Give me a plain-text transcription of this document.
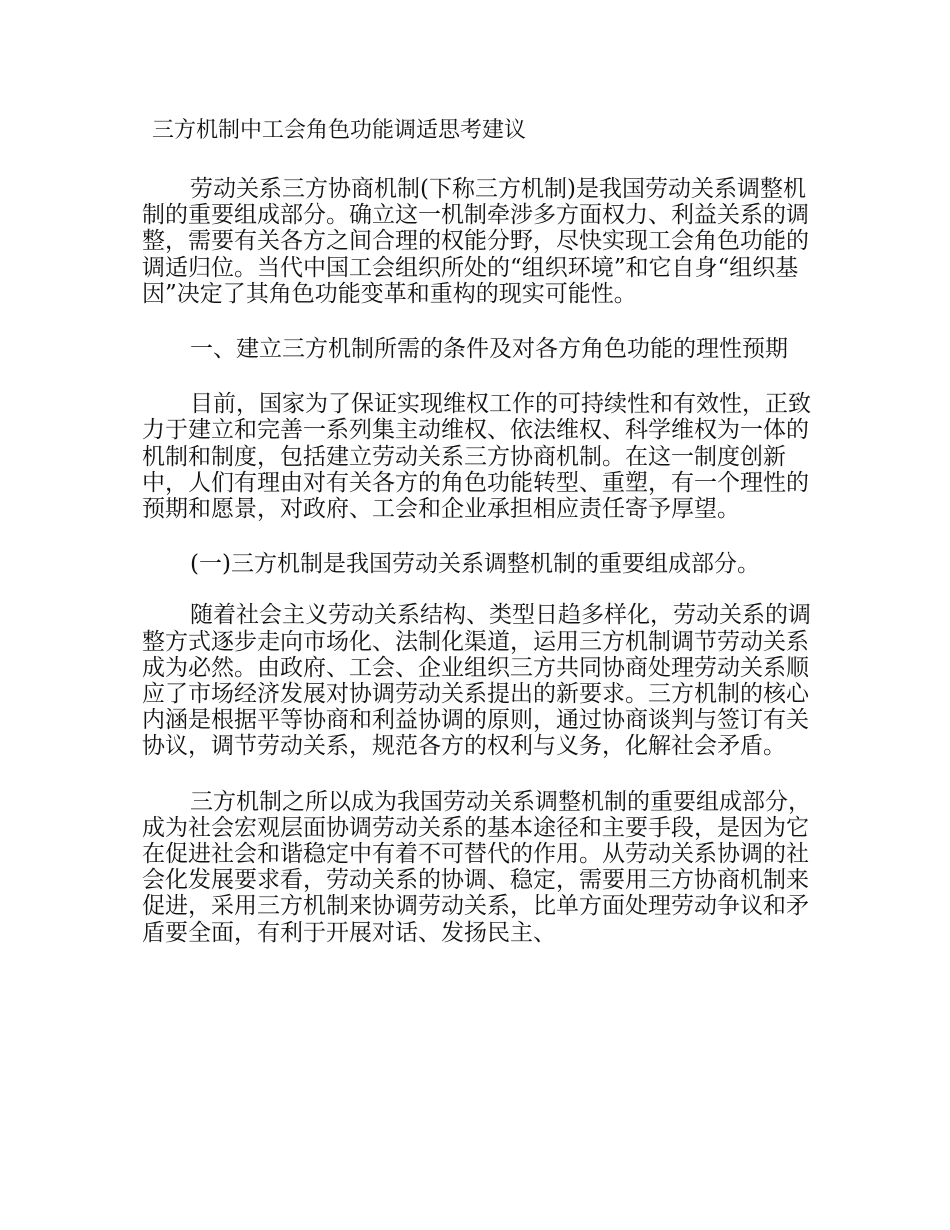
三方机制中工会角色功能调适思考建议

劳动关系三方协商机制(下称三方机制)是我国劳动关系调整机制的重要组成部分。确立这一机制牵涉多方面权力、利益关系的调整，需要有关各方之间合理的权能分野，尽快实现工会角色功能的调适归位。当代中国工会组织所处的“组织环境”和它自身“组织基因”决定了其角色功能变革和重构的现实可能性。

一、建立三方机制所需的条件及对各方角色功能的理性预期

目前，国家为了保证实现维权工作的可持续性和有效性，正致力于建立和完善一系列集主动维权、依法维权、科学维权为一体的机制和制度，包括建立劳动关系三方协商机制。在这一制度创新中，人们有理由对有关各方的角色功能转型、重塑，有一个理性的预期和愿景，对政府、工会和企业承担相应责任寄予厚望。

(一)三方机制是我国劳动关系调整机制的重要组成部分。

随着社会主义劳动关系结构、类型日趋多样化，劳动关系的调整方式逐步走向市场化、法制化渠道，运用三方机制调节劳动关系成为必然。由政府、工会、企业组织三方共同协商处理劳动关系顺应了市场经济发展对协调劳动关系提出的新要求。三方机制的核心内涵是根据平等协商和利益协调的原则，通过协商谈判与签订有关协议，调节劳动关系，规范各方的权利与义务，化解社会矛盾。

三方机制之所以成为我国劳动关系调整机制的重要组成部分，成为社会宏观层面协调劳动关系的基本途径和主要手段，是因为它在促进社会和谐稳定中有着不可替代的作用。从劳动关系协调的社会化发展要求看，劳动关系的协调、稳定，需要用三方协商机制来促进，采用三方机制来协调劳动关系，比单方面处理劳动争议和矛盾要全面，有利于开展对话、发扬民主、
